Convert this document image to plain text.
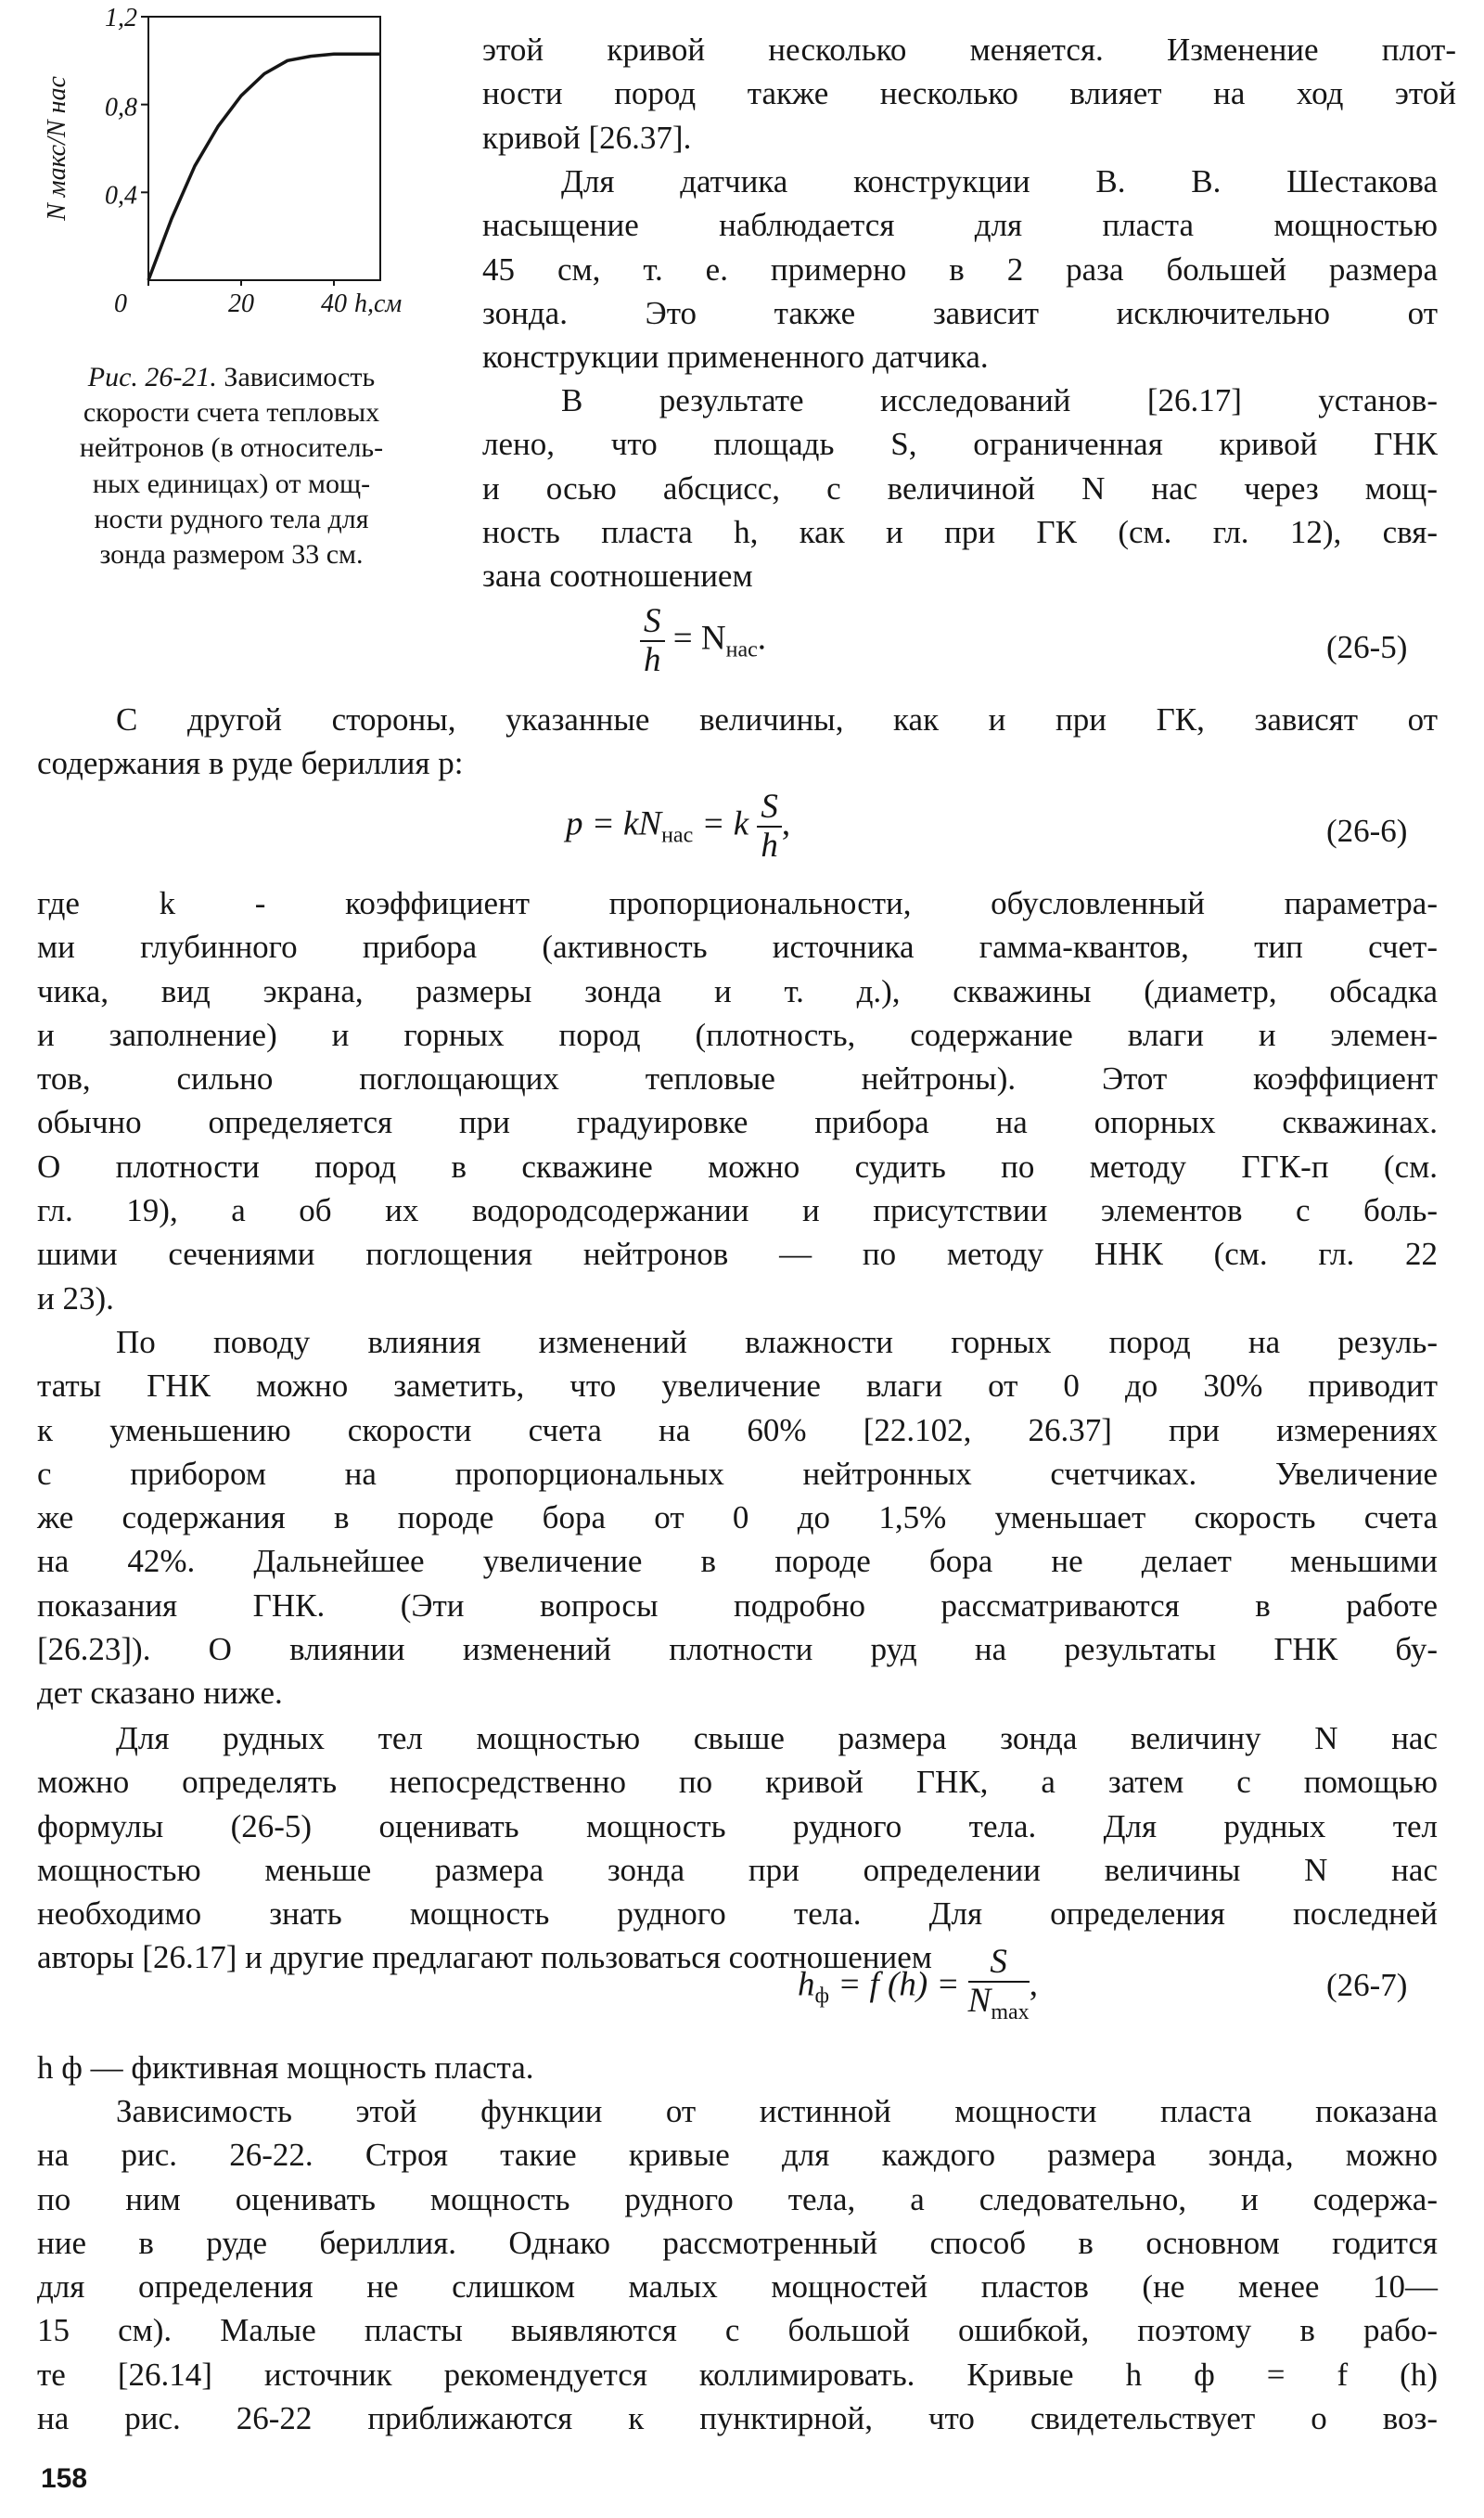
1,2
0,8
0,4
0	20	40 h,см
N макс/N нас
Рис. 26-21. Зависимость
скорости счета тепловых
нейтронов (в относитель-
ных единицах) от мощ-
ности рудного тела для
зонда размером 33 см.
этой кривой несколько меняется. Изменение плот-
ности пород также несколько влияет на ход этой
кривой [26.37].
Для датчика конструкции В. В. Шестакова
насыщение наблюдается для пласта мощностью
45 см, т. е. примерно в 2 раза большей размера
зонда. Это также зависит исключительно от
конструкции примененного датчика.
В результате исследований [26.17] установ-
лено, что площадь S, ограниченная кривой ГНК
и осью абсцисс, с величиной N нас через мощ-
ность пласта h, как и при ГК (см. гл. 12), свя-
зана соотношением
$\frac{S}{h} = N_{нас}$.	(26-5)
С другой стороны, указанные величины, как и при ГК, зависят от
содержания в руде бериллия p:
$p = kN_{нас} = k \frac{S}{h}$ ,	(26-6)
где k - коэффициент пропорциональности, обусловленный параметра-
ми глубинного прибора (активность источника гамма-квантов, тип счет-
чика, вид экрана, размеры зонда и т. д.), скважины (диаметр, обсадка
и заполнение) и горных пород (плотность, содержание влаги и элемен-
тов, сильно поглощающих тепловые нейтроны). Этот коэффициент
обычно определяется при градуировке прибора на опорных скважинах.
О плотности пород в скважине можно судить по методу ГГК-п (см.
гл. 19), а об их водородсодержании и присутствии элементов с боль-
шими сечениями поглощения нейтронов — по методу ННК (см. гл. 22
и 23).
По поводу влияния изменений влажности горных пород на резуль-
таты ГНК можно заметить, что увеличение влаги от 0 до 30% приводит
к уменьшению скорости счета на 60% [22.102, 26.37] при измерениях
с прибором на пропорциональных нейтронных счетчиках. Увеличение
же содержания в породе бора от 0 до 1,5% уменьшает скорость счета
на 42%. Дальнейшее увеличение в породе бора не делает меньшими
показания ГНК. (Эти вопросы подробно рассматриваются в работе
[26.23]). О влиянии изменений плотности руд на результаты ГНК бу-
дет сказано ниже.
Для рудных тел мощностью свыше размера зонда величину N нас
можно определять непосредственно по кривой ГНК, а затем с помощью
формулы (26-5) оценивать мощность рудного тела. Для рудных тел
мощностью меньше размера зонда при определении величины N нас
необходимо знать мощность рудного тела. Для определения последней
авторы [26.17] и другие предлагают пользоваться соотношением
$h_ф = f$ $(h) = \frac{S}{N_{max}}$ ,	(26-7)
h ф — фиктивная мощность пласта.
Зависимость этой функции от истинной мощности пласта показана
на рис. 26-22. Строя такие кривые для каждого размера зонда, можно
по ним оценивать мощность рудного тела, а следовательно, и содержа-
ние в руде бериллия. Однако рассмотренный способ в основном годится
для определения не слишком малых мощностей пластов (не менее 10—
15 см). Малые пласты выявляются с большой ошибкой, поэтому в рабо-
те [26.14] источник рекомендуется коллимировать. Кривые h ф = f (h)
на рис. 26-22 приближаются к пунктирной, что свидетельствует о воз-
158
